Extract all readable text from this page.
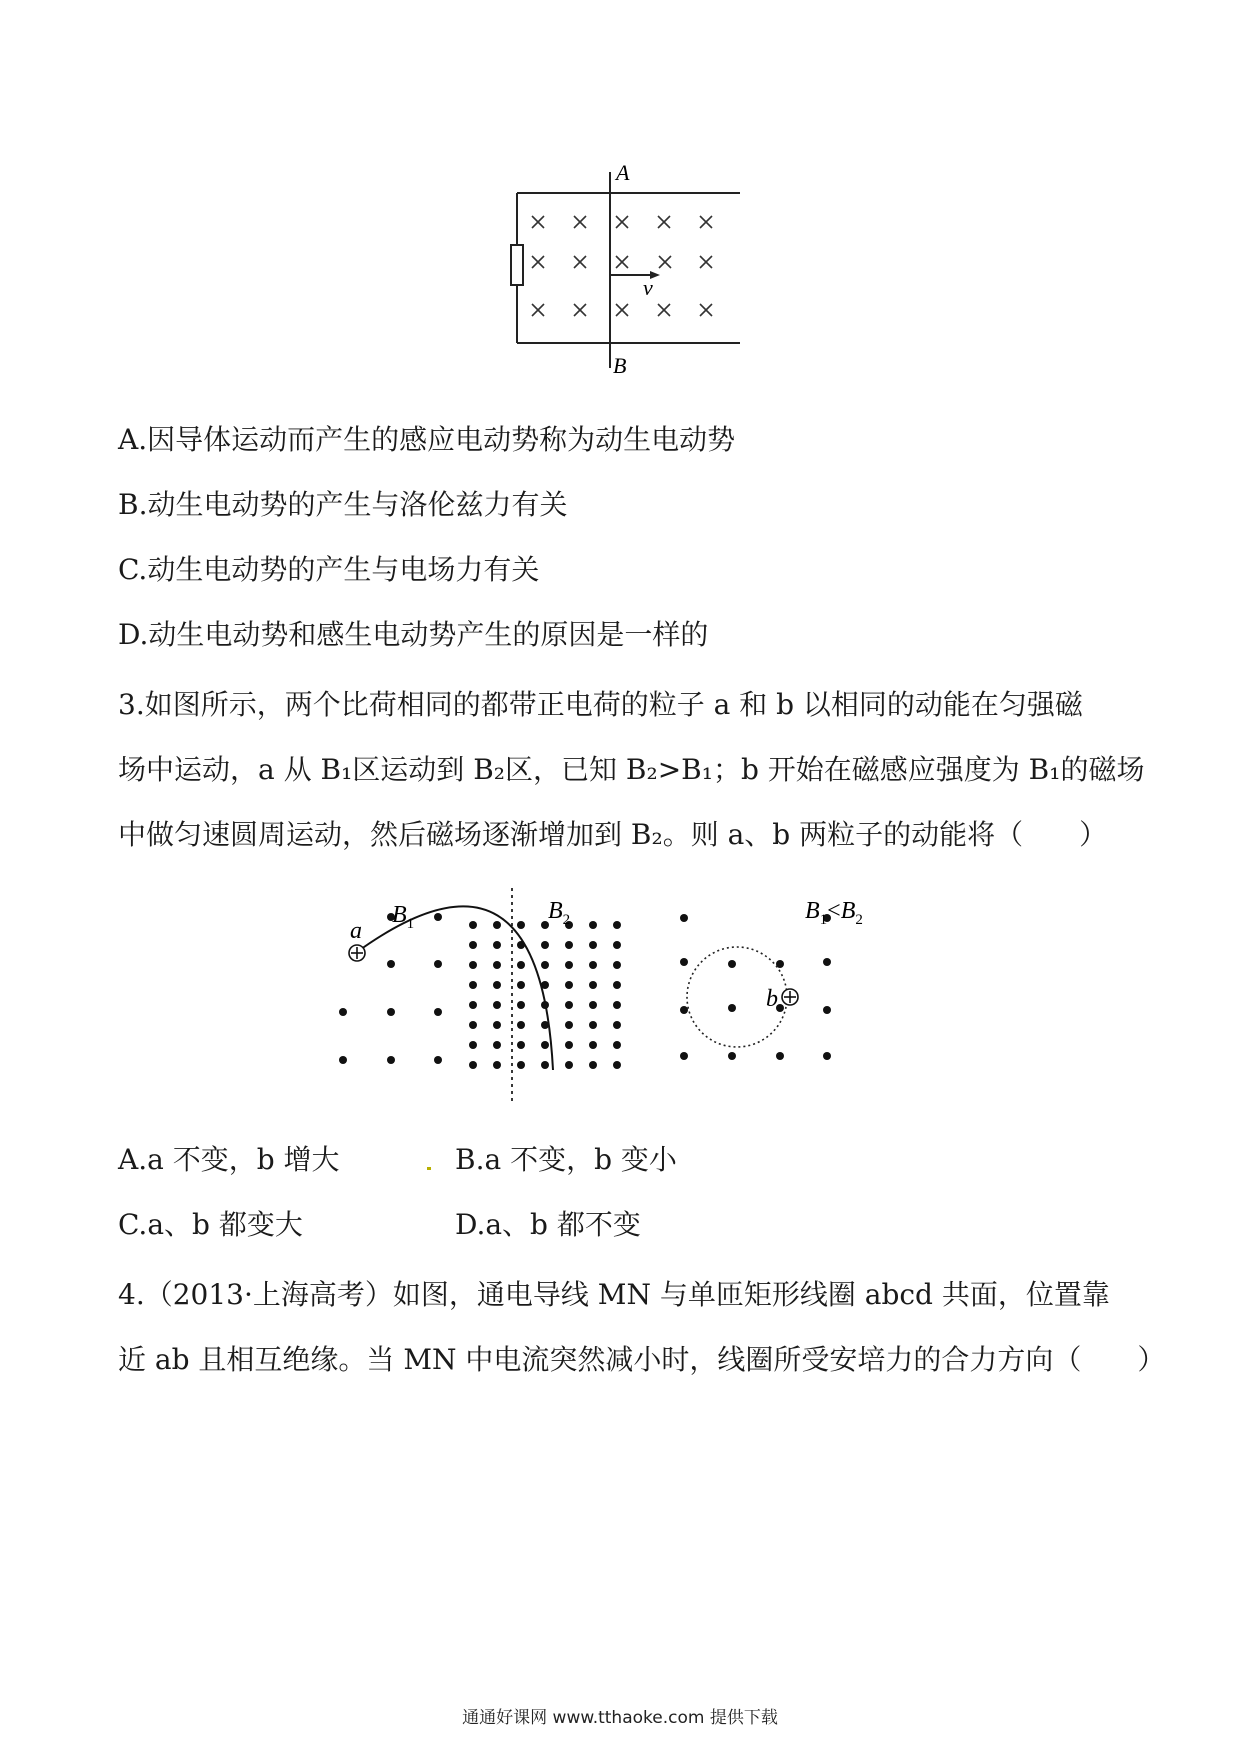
A
B
v
A.因导体运动而产生的感应电动势称为动生电动势
B.动生电动势的产生与洛伦兹力有关
C.动生电动势的产生与电场力有关
D.动生电动势和感生电动势产生的原因是一样的
3.如图所示，两个比荷相同的都带正电荷的粒子 a 和 b 以相同的动能在匀强磁
场中运动，a 从 B₁区运动到 B₂区，已知 B₂>B₁；b 开始在磁感应强度为 B₁的磁场
中做匀速圆周运动，然后磁场逐渐增加到 B₂。则 a、b 两粒子的动能将（　　）
a
b
$B_1$	$B_2$	$B_1<B_2$
A.a 不变，b 增大	B.a 不变，b 变小
C.a、b 都变大	D.a、b 都不变
4.（2013·上海高考）如图，通电导线 MN 与单匝矩形线圈 abcd 共面，位置靠
近 ab 且相互绝缘。当 MN 中电流突然减小时，线圈所受安培力的合力方向（　　）
通通好课网 www.tthaoke.com 提供下载
